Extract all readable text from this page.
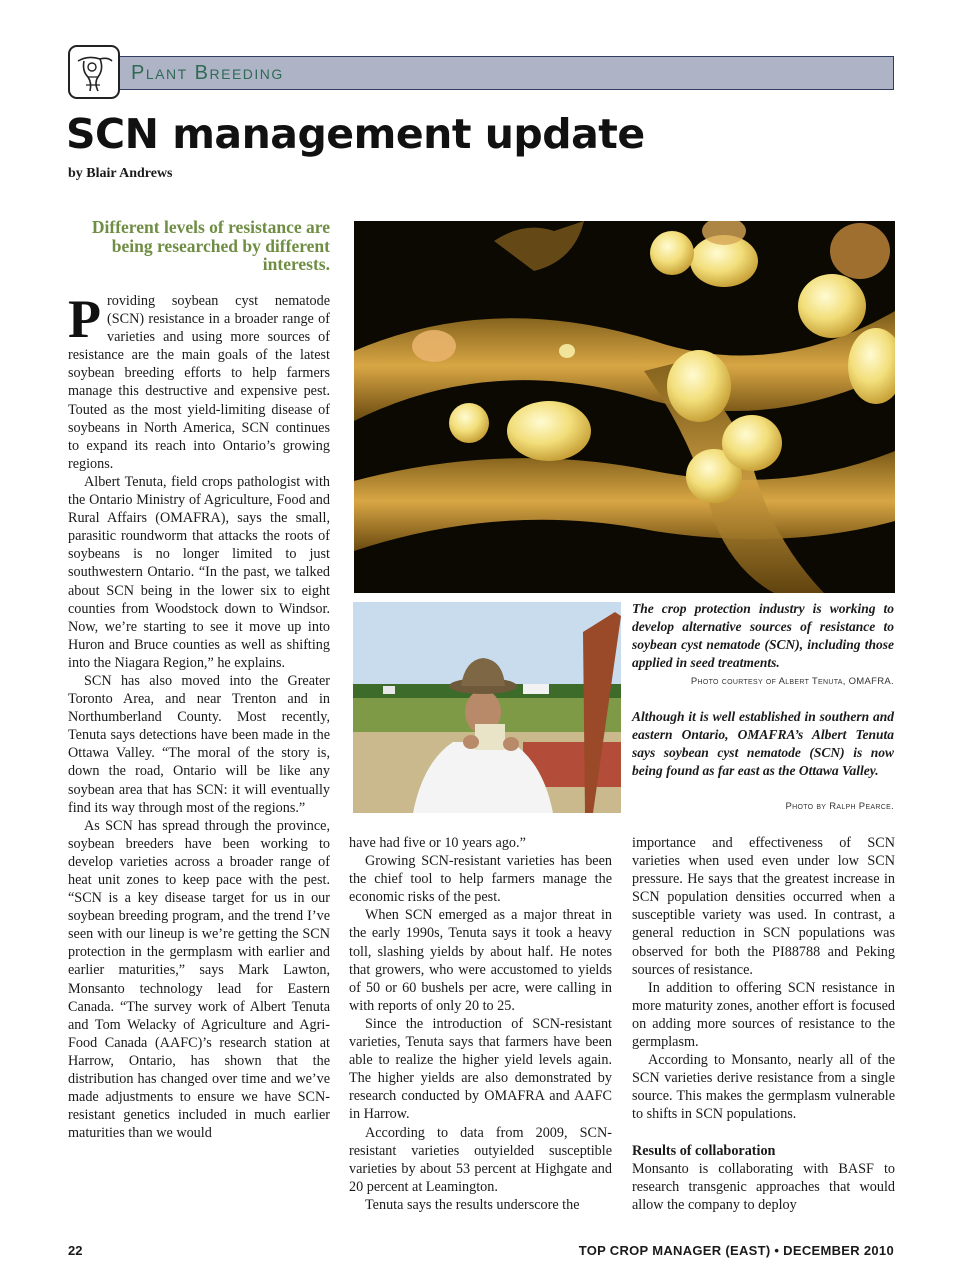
Plant Breeding
SCN management update
by Blair Andrews
Different levels of resistance are being researched by different interests.

Providing soybean cyst nematode (SCN) resistance in a broader range of varieties and using more sources of resistance are the main goals of the latest soybean breeding efforts to help farmers manage this destructive and expensive pest. Touted as the most yield-limiting disease of soybeans in North America, SCN continues to expand its reach into Ontario’s growing regions.

Albert Tenuta, field crops pathologist with the Ontario Ministry of Agriculture, Food and Rural Affairs (OMAFRA), says the small, parasitic roundworm that attacks the roots of soybeans is no longer limited to just southwestern Ontario. “In the past, we talked about SCN being in the lower six to eight counties from Woodstock down to Windsor. Now, we’re starting to see it move up into Huron and Bruce counties as well as shifting into the Niagara Region,” he explains.

SCN has also moved into the Greater Toronto Area, and near Trenton and in Northumberland County. Most recently, Tenuta says detections have been made in the Ottawa Valley. “The moral of the story is, down the road, Ontario will be like any soybean area that has SCN: it will eventually find its way through most of the regions.”

As SCN has spread through the province, soybean breeders have been working to develop varieties across a broader range of heat unit zones to keep pace with the pest. “SCN is a key disease target for us in our soybean breeding program, and the trend I’ve seen with our lineup is we’re getting the SCN protection in the germplasm with earlier and earlier maturities,” says Mark Lawton, Monsanto technology lead for Eastern Canada. “The survey work of Albert Tenuta and Tom Welacky of Agriculture and Agri-Food Canada (AAFC)’s research station at Harrow, Ontario, has shown that the distribution has changed over time and we’ve made adjustments to ensure we have SCN-resistant genetics included in much earlier maturities than we would

The crop protection industry is working to develop alternative sources of resistance to soybean cyst nematode (SCN), including those applied in seed treatments.
Photo courtesy of Albert Tenuta, OMAFRA.
Although it is well established in southern and eastern Ontario, OMAFRA’s Albert Tenuta says soybean cyst nematode (SCN) is now being found as far east as the Ottawa Valley.
Photo by Ralph Pearce.

have had five or 10 years ago.”

Growing SCN-resistant varieties has been the chief tool to help farmers manage the economic risks of the pest.

When SCN emerged as a major threat in the early 1990s, Tenuta says it took a heavy toll, slashing yields by about half. He notes that growers, who were accustomed to yields of 50 or 60 bushels per acre, were calling in with reports of only 20 to 25.

Since the introduction of SCN-resistant varieties, Tenuta says that farmers have been able to realize the higher yield levels again. The higher yields are also demonstrated by research conducted by OMAFRA and AAFC in Harrow.

According to data from 2009, SCN-resistant varieties outyielded susceptible varieties by about 53 percent at Highgate and 20 percent at Leamington.

Tenuta says the results underscore the

importance and effectiveness of SCN varieties when used even under low SCN pressure. He says that the greatest increase in SCN population densities occurred when a susceptible variety was used. In contrast, a general reduction in SCN populations was observed for both the PI88788 and Peking sources of resistance.

In addition to offering SCN resistance in more maturity zones, another effort is focused on adding more sources of resistance to the germplasm.

According to Monsanto, nearly all of the SCN varieties derive resistance from a single source. This makes the germplasm vulnerable to shifts in SCN populations.

Results of collaboration

Monsanto is collaborating with BASF to research transgenic approaches that would allow the company to deploy

22	TOP CROP MANAGER (EAST) • DECEMBER 2010
